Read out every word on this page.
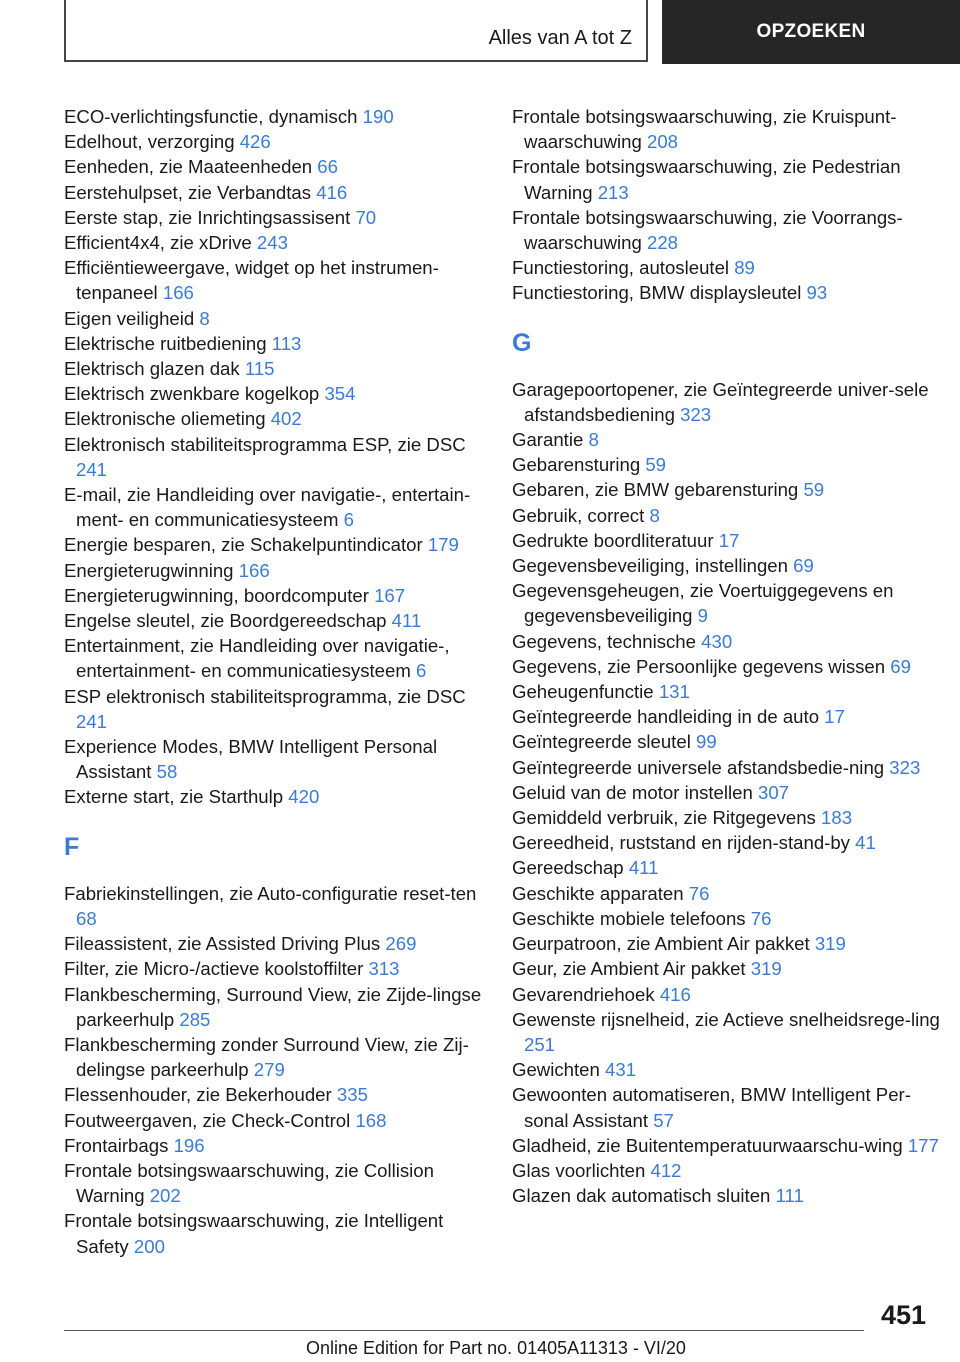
Alles van A tot Z	OPZOEKEN
ECO-verlichtingsfunctie, dynamisch 190
Edelhout, verzorging 426
Eenheden, zie Maateenheden 66
Eerstehulpset, zie Verbandtas 416
Eerste stap, zie Inrichtingsassisent 70
Efficient4x4, zie xDrive 243
Efficiëntieweergave, widget op het instrumen-tenpaneel 166
Eigen veiligheid 8
Elektrische ruitbediening 113
Elektrisch glazen dak 115
Elektrisch zwenkbare kogelkop 354
Elektronische oliemeting 402
Elektronisch stabiliteitsprogramma ESP, zie DSC 241
E-mail, zie Handleiding over navigatie-, entertain-ment- en communicatiesysteem 6
Energie besparen, zie Schakelpuntindicator 179
Energieterugwinning 166
Energieterugwinning, boordcomputer 167
Engelse sleutel, zie Boordgereedschap 411
Entertainment, zie Handleiding over navigatie-, entertainment- en communicatiesysteem 6
ESP elektronisch stabiliteitsprogramma, zie DSC 241
Experience Modes, BMW Intelligent Personal Assistant 58
Externe start, zie Starthulp 420
F
Fabriekinstellingen, zie Auto-configuratie reset-ten 68
Fileassistent, zie Assisted Driving Plus 269
Filter, zie Micro-/actieve koolstoffilter 313
Flankbescherming, Surround View, zie Zijde-lingse parkeerhulp 285
Flankbescherming zonder Surround View, zie Zij-delingse parkeerhulp 279
Flessenhouder, zie Bekerhouder 335
Foutweergaven, zie Check-Control 168
Frontairbags 196
Frontale botsingswaarschuwing, zie Collision Warning 202
Frontale botsingswaarschuwing, zie Intelligent Safety 200
Frontale botsingswaarschuwing, zie Kruispunt-waarschuwing 208
Frontale botsingswaarschuwing, zie Pedestrian Warning 213
Frontale botsingswaarschuwing, zie Voorrangs-waarschuwing 228
Functiestoring, autosleutel 89
Functiestoring, BMW displaysleutel 93
G
Garagepoortopener, zie Geïntegreerde univer-sele afstandsbediening 323
Garantie 8
Gebarensturing 59
Gebaren, zie BMW gebarensturing 59
Gebruik, correct 8
Gedrukte boordliteratuur 17
Gegevensbeveiliging, instellingen 69
Gegevensgeheugen, zie Voertuiggegevens en gegevensbeveiliging 9
Gegevens, technische 430
Gegevens, zie Persoonlijke gegevens wissen 69
Geheugenfunctie 131
Geïntegreerde handleiding in de auto 17
Geïntegreerde sleutel 99
Geïntegreerde universele afstandsbedie-ning 323
Geluid van de motor instellen 307
Gemiddeld verbruik, zie Ritgegevens 183
Gereedheid, ruststand en rijden-stand-by 41
Gereedschap 411
Geschikte apparaten 76
Geschikte mobiele telefoons 76
Geurpatroon, zie Ambient Air pakket 319
Geur, zie Ambient Air pakket 319
Gevarendriehoek 416
Gewenste rijsnelheid, zie Actieve snelheidsrege-ling 251
Gewichten 431
Gewoonten automatiseren, BMW Intelligent Per-sonal Assistant 57
Gladheid, zie Buitentemperatuurwaarschu-wing 177
Glas voorlichten 412
Glazen dak automatisch sluiten 111
451
Online Edition for Part no. 01405A11313 - VI/20
